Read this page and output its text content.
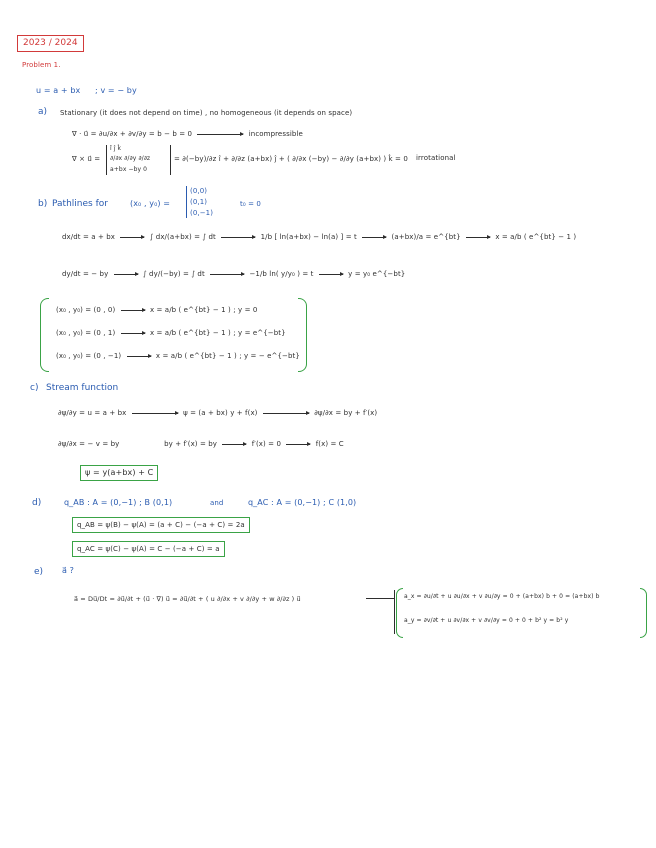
2023 / 2024
Problem 1.
u = a + bx ; v = − by
a) Stationary (it does not depend on time) , no homogeneous (it depends on space)
∇ · u⃗ = ∂u/∂x + ∂v/∂y = b − b = 0	incompressible
∇ × u⃗ =
î ĵ k̂
∂/∂x ∂/∂y ∂/∂z
a+bx −by 0
= ∂(−by)/∂z î + ∂/∂z (a+bx) ĵ + ( ∂/∂x (−by) − ∂/∂y (a+bx) ) k̂ = 0 irrotational
b) Pathlines for	(x₀ , y₀) =
(0,0)
(0,1)
(0,−1)
t₀ = 0
dx/dt = a + bx	∫ dx/(a+bx) = ∫ dt	1/b [ ln(a+bx) − ln(a) ] = t	(a+bx)/a = e^{bt}	x = a/b ( e^{bt} − 1 )
dy/dt = − by	∫ dy/(−by) = ∫ dt	−1/b ln( y/y₀ ) = t	y = y₀ e^{−bt}
(x₀ , y₀) = (0 , 0)	x = a/b ( e^{bt} − 1 ) ; y = 0
(x₀ , y₀) = (0 , 1)	x = a/b ( e^{bt} − 1 ) ; y = e^{−bt}
(x₀ , y₀) = (0 , −1)	x = a/b ( e^{bt} − 1 ) ; y = − e^{−bt}
c) Stream function
∂ψ/∂y = u = a + bx	ψ = (a + bx) y + f(x)	∂ψ/∂x = by + f′(x)
∂ψ/∂x = − v = by	by + f′(x) = by	f′(x) = 0	f(x) = C
ψ = y(a+bx) + C
d)	q_AB : A = (0,−1) ; B (0,1)	and	q_AC : A = (0,−1) ; C (1,0)
q_AB = ψ(B) − ψ(A) = (a + C) − (−a + C) = 2a
q_AC = ψ(C) − ψ(A) = C − (−a + C) = a
e) a⃗ ?
a⃗ = Du⃗/Dt = ∂u⃗/∂t + (u⃗ · ∇) u⃗ = ∂u⃗/∂t + ( u ∂/∂x + v ∂/∂y + w ∂/∂z ) u⃗	a_x = ∂u/∂t + u ∂u/∂x + v ∂u/∂y = 0 + (a+bx) b + 0 = (a+bx) b
a_y = ∂v/∂t + u ∂v/∂x + v ∂v/∂y = 0 + 0 + b² y = b² y
